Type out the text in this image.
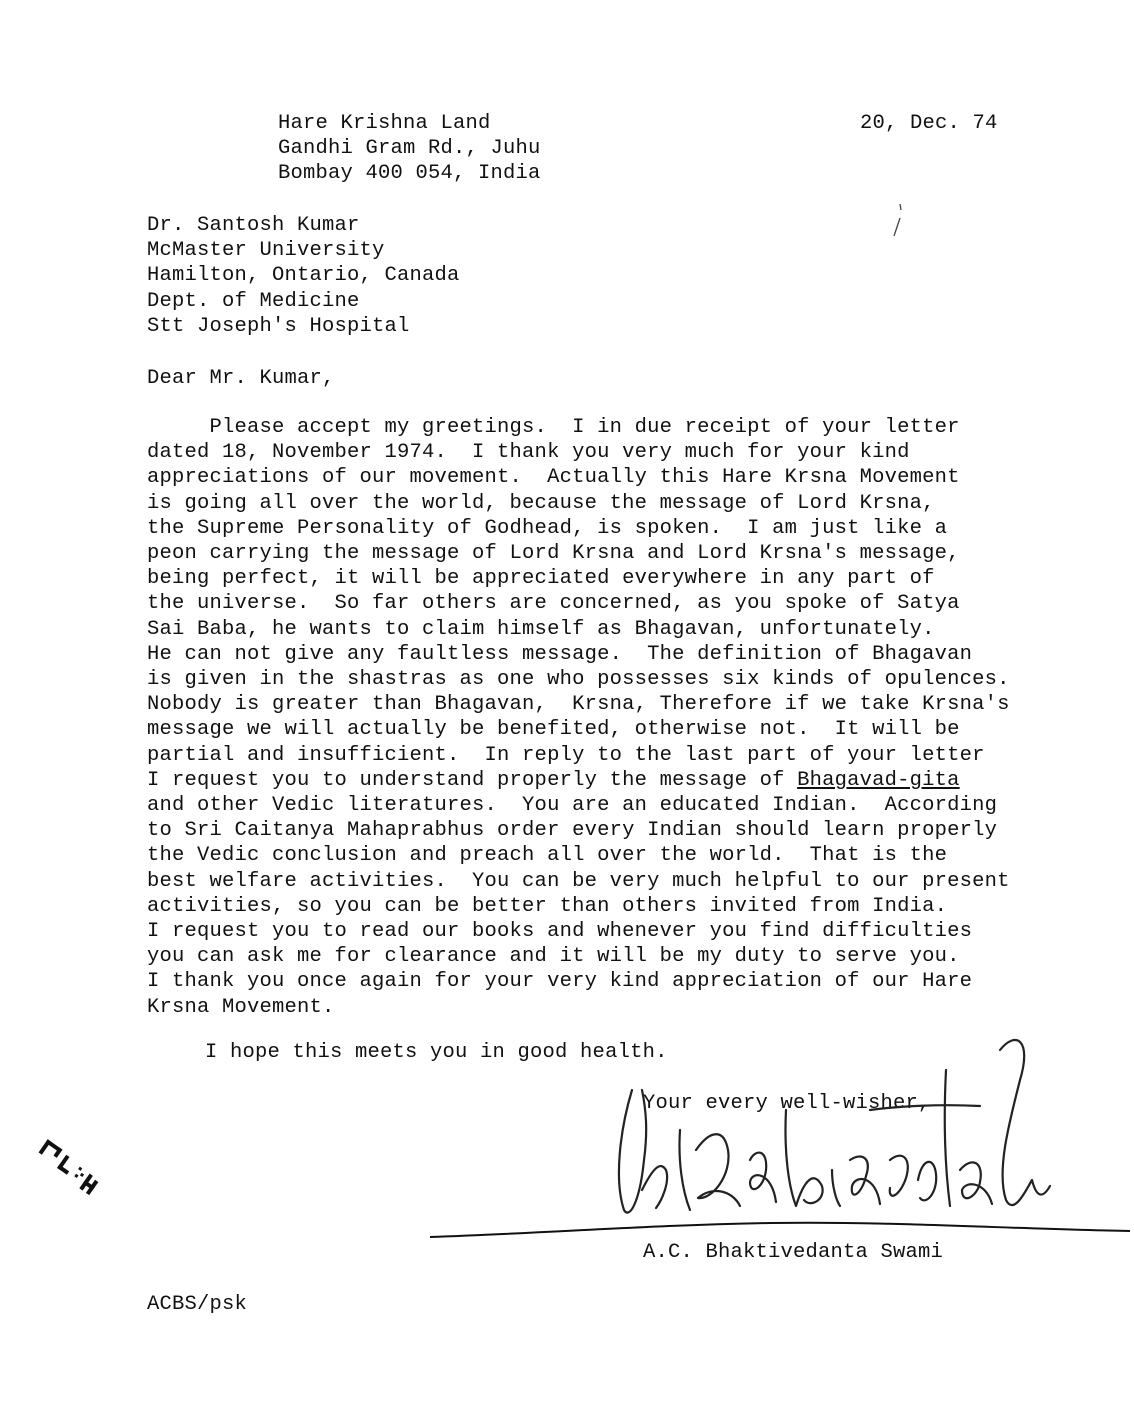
Hare Krishna Land
Gandhi Gram Rd., Juhu
Bombay 400 054, India
20, Dec. 74
Dr. Santosh Kumar
McMaster University
Hamilton, Ontario, Canada
Dept. of Medicine
Stt Joseph's Hospital
Dear Mr. Kumar,
Please accept my greetings.  I in due receipt of your letter
dated 18, November 1974.  I thank you very much for your kind
appreciations of our movement.  Actually this Hare Krsna Movement
is going all over the world, because the message of Lord Krsna,
the Supreme Personality of Godhead, is spoken.  I am just like a
peon carrying the message of Lord Krsna and Lord Krsna's message,
being perfect, it will be appreciated everywhere in any part of
the universe.  So far others are concerned, as you spoke of Satya
Sai Baba, he wants to claim himself as Bhagavan, unfortunately.
He can not give any faultless message.  The definition of Bhagavan
is given in the shastras as one who possesses six kinds of opulences.
Nobody is greater than Bhagavan,  Krsna, Therefore if we take Krsna's
message we will actually be benefited, otherwise not.  It will be
partial and insufficient.  In reply to the last part of your letter
I request you to understand properly the message of Bhagavad-gita
and other Vedic literatures.  You are an educated Indian.  According
to Sri Caitanya Mahaprabhus order every Indian should learn properly
the Vedic conclusion and preach all over the world.  That is the
best welfare activities.  You can be very much helpful to our present
activities, so you can be better than others invited from India.
I request you to read our books and whenever you find difficulties
you can ask me for clearance and it will be my duty to serve you.
I thank you once again for your very kind appreciation of our Hare
Krsna Movement.
I hope this meets you in good health.
Your every well-wisher,
A.C. Bhaktivedanta Swami
ACBS/psk
